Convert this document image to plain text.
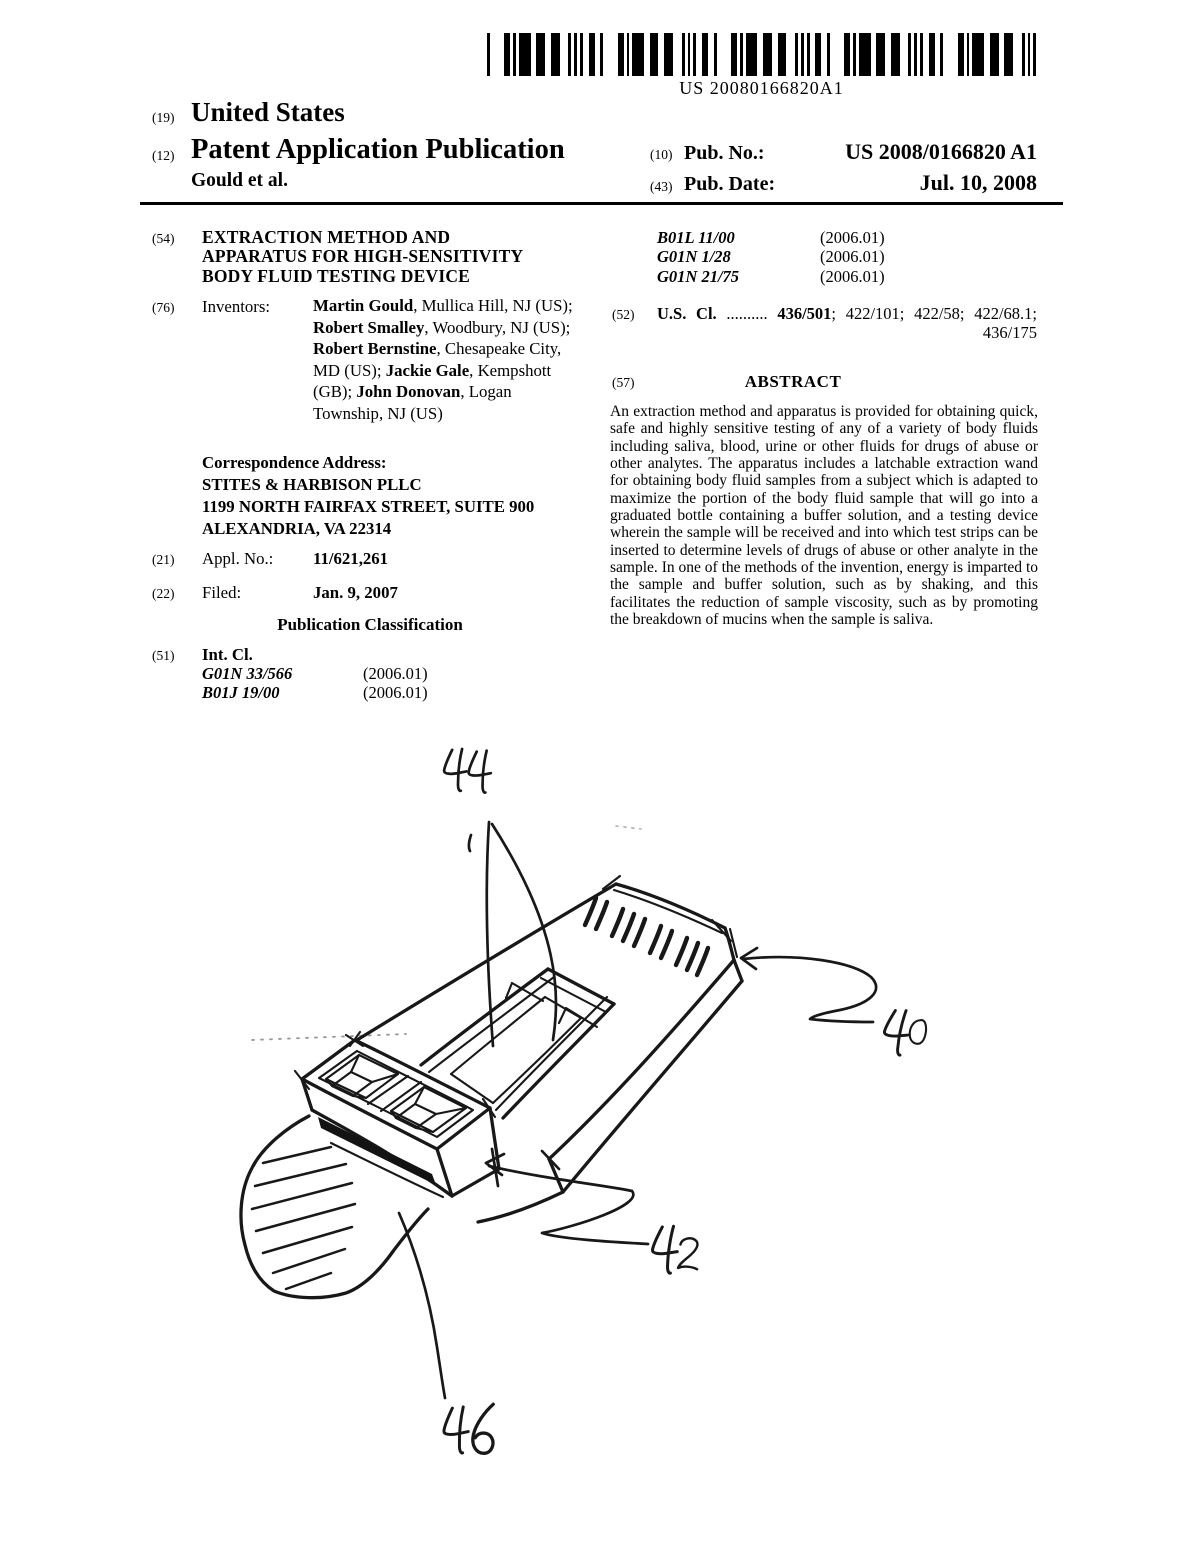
US 20080166820A1
(19) United States
(12) Patent Application Publication
Gould et al.
(10) Pub. No.:	US 2008/0166820 A1
(43) Pub. Date:	Jul. 10, 2008
(54) EXTRACTION METHOD AND APPARATUS FOR HIGH-SENSITIVITY BODY FLUID TESTING DEVICE
(76) Inventors:	Martin Gould, Mullica Hill, NJ (US); Robert Smalley, Woodbury, NJ (US); Robert Bernstine, Chesapeake City, MD (US); Jackie Gale, Kempshott (GB); John Donovan, Logan Township, NJ (US)
Correspondence Address:
STITES & HARBISON PLLC
1199 NORTH FAIRFAX STREET, SUITE 900
ALEXANDRIA, VA 22314
(21) Appl. No.: 11/621,261
(22) Filed:	Jan. 9, 2007
Publication Classification
(51) Int. Cl.
G01N 33/566	(2006.01)
B01J 19/00	(2006.01)
B01L 11/00	(2006.01)
G01N 1/28	(2006.01)
G01N 21/75	(2006.01)
(52) U.S. Cl. .......... 436/501; 422/101; 422/58; 422/68.1;
436/175
(57)	ABSTRACT
An extraction method and apparatus is provided for obtaining quick, safe and highly sensitive testing of any of a variety of body fluids including saliva, blood, urine or other fluids for drugs of abuse or other analytes. The apparatus includes a latchable extraction wand for obtaining body fluid samples from a subject which is adapted to maximize the portion of the body fluid sample that will go into a graduated bottle containing a buffer solution, and a testing device wherein the sample will be received and into which test strips can be inserted to determine levels of drugs of abuse or other analyte in the sample. In one of the methods of the invention, energy is imparted to the sample and buffer solution, such as by shaking, and this facilitates the reduction of sample viscosity, such as by promoting the breakdown of mucins when the sample is saliva.
